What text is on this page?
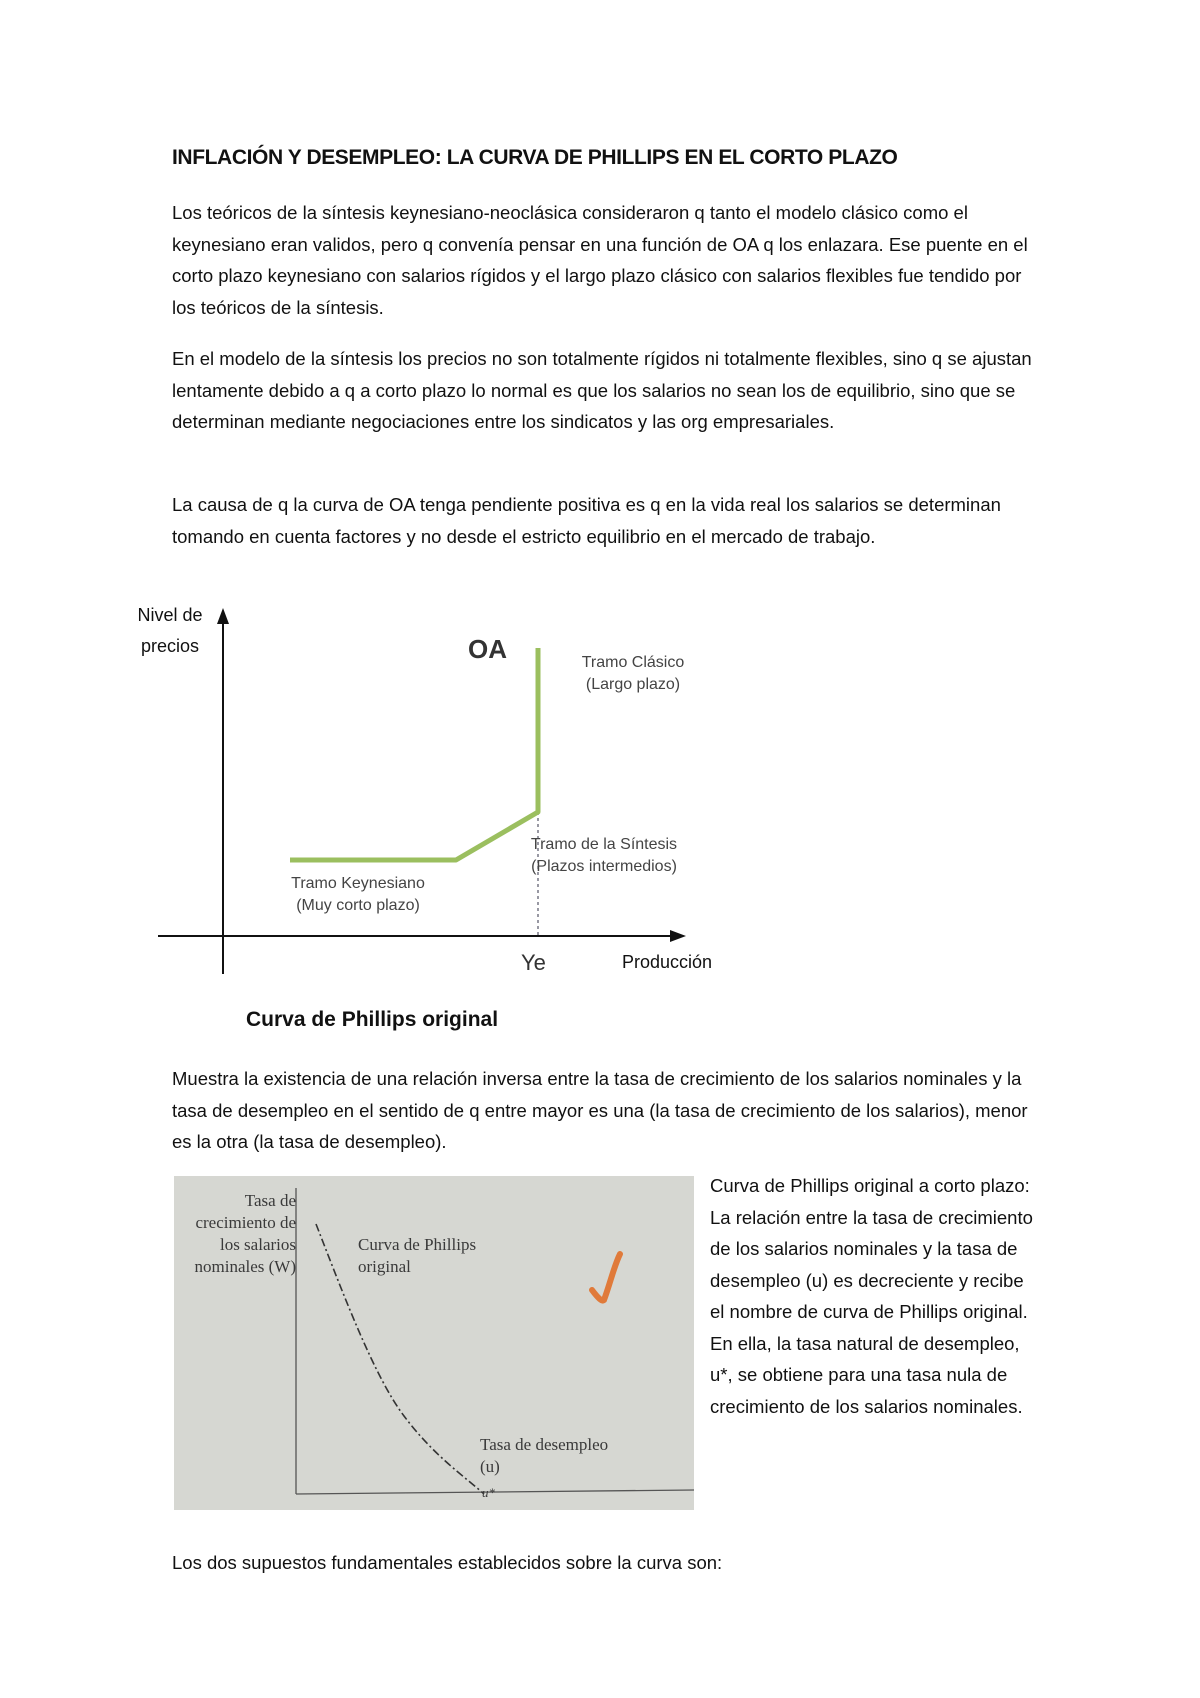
INFLACIÓN Y DESEMPLEO: LA CURVA DE PHILLIPS EN EL CORTO PLAZO

Los teóricos de la síntesis keynesiano-neoclásica consideraron q tanto el modelo clásico como el keynesiano eran validos, pero q convenía pensar en una función de OA q los enlazara. Ese puente en el corto plazo keynesiano con salarios rígidos y el largo plazo clásico con salarios flexibles fue tendido por los teóricos de la síntesis.

En el modelo de la síntesis los precios no son totalmente rígidos ni totalmente flexibles, sino q se ajustan lentamente debido a q a corto plazo lo normal es que los salarios no sean los de equilibrio, sino que se determinan mediante negociaciones entre los sindicatos y las org empresariales.

La causa de q la curva de OA tenga pendiente positiva es q en la vida real los salarios se determinan tomando en cuenta factores y no desde el estricto equilibrio en el mercado de trabajo.

Nivel de precios	OA	Tramo Clásico (Largo plazo)

Tramo de la Síntesis (Plazos intermedios)

Tramo Keynesiano (Muy corto plazo)

Ye	Producción

Curva de Phillips original

Muestra la existencia de una relación inversa entre la tasa de crecimiento de los salarios nominales y la tasa de desempleo en el sentido de q entre mayor es una (la tasa de crecimiento de los salarios), menor es la otra (la tasa de desempleo).

Tasa de crecimiento de los salarios nominales (W)

Curva de Phillips original

Tasa de desempleo (u)

u*

Curva de Phillips original a corto plazo:

La relación entre la tasa de crecimiento de los salarios nominales y la tasa de desempleo (u) es decreciente y recibe el nombre de curva de Phillips original. En ella, la tasa natural de desempleo, u*, se obtiene para una tasa nula de crecimiento de los salarios nominales.

Los dos supuestos fundamentales establecidos sobre la curva son:
